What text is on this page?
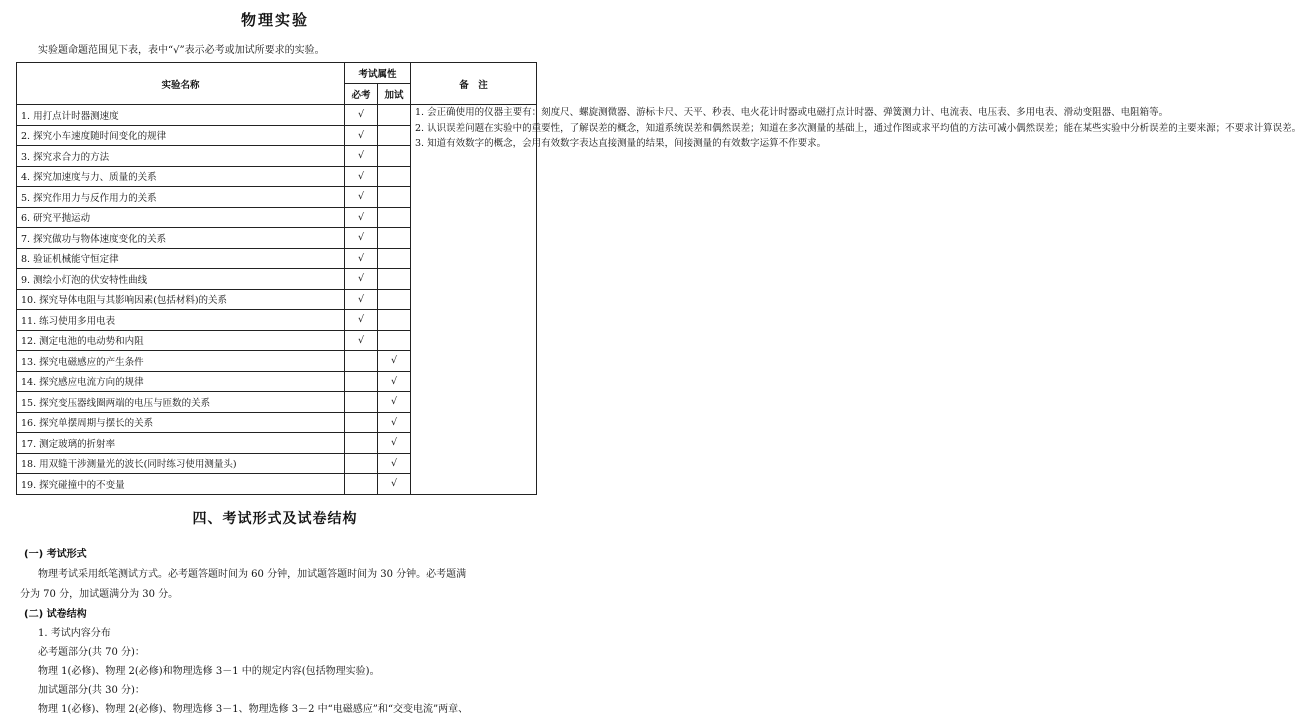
物理实验
实验题命题范围见下表，表中“√”表示必考或加试所要求的实验。
实验名称	考试属性		备　注
	必考	加试	
1. 用打点计时器测速度	√		1. 会正确使用的仪器主要有：刻度尺、螺旋测微器、游标卡尺、天平、秒表、电火花计时器或电磁打点计时器、弹簧测力计、电流表、电压表、多用电表、滑动变阻器、电阻箱等。

2. 认识误差问题在实验中的重要性，了解误差的概念，知道系统误差和偶然误差；知道在多次测量的基础上，通过作图或求平均值的方法可减小偶然误差；能在某些实验中分析误差的主要来源；不要求计算误差。

3. 知道有效数字的概念，会用有效数字表达直接测量的结果，间接测量的有效数字运算不作要求。

2. 探究小车速度随时间变化的规律	√		
3. 探究求合力的方法	√		
4. 探究加速度与力、质量的关系	√		
5. 探究作用力与反作用力的关系	√		
6. 研究平抛运动	√		
7. 探究做功与物体速度变化的关系	√		
8. 验证机械能守恒定律	√		
9. 测绘小灯泡的伏安特性曲线	√		
10. 探究导体电阻与其影响因素(包括材料)的关系	√		
11. 练习使用多用电表	√		
12. 测定电池的电动势和内阻	√		
13. 探究电磁感应的产生条件		√	
14. 探究感应电流方向的规律		√	
15. 探究变压器线圈两端的电压与匝数的关系		√	
16. 探究单摆周期与摆长的关系		√	
17. 测定玻璃的折射率		√	
18. 用双缝干涉测量光的波长(同时练习使用测量头)		√	
19. 探究碰撞中的不变量		√	
四、考试形式及试卷结构
(一) 考试形式
物理考试采用纸笔测试方式。必考题答题时间为 60 分钟，加试题答题时间为 30 分钟。必考题满
分为 70 分，加试题满分为 30 分。
(二) 试卷结构
1. 考试内容分布
必考题部分(共 70 分)：
物理 1(必修)、物理 2(必修)和物理选修 3－1 中的规定内容(包括物理实验)。
加试题部分(共 30 分)：
物理 1(必修)、物理 2(必修)、物理选修 3－1、物理选修 3－2 中“电磁感应”和“交变电流”两章、
